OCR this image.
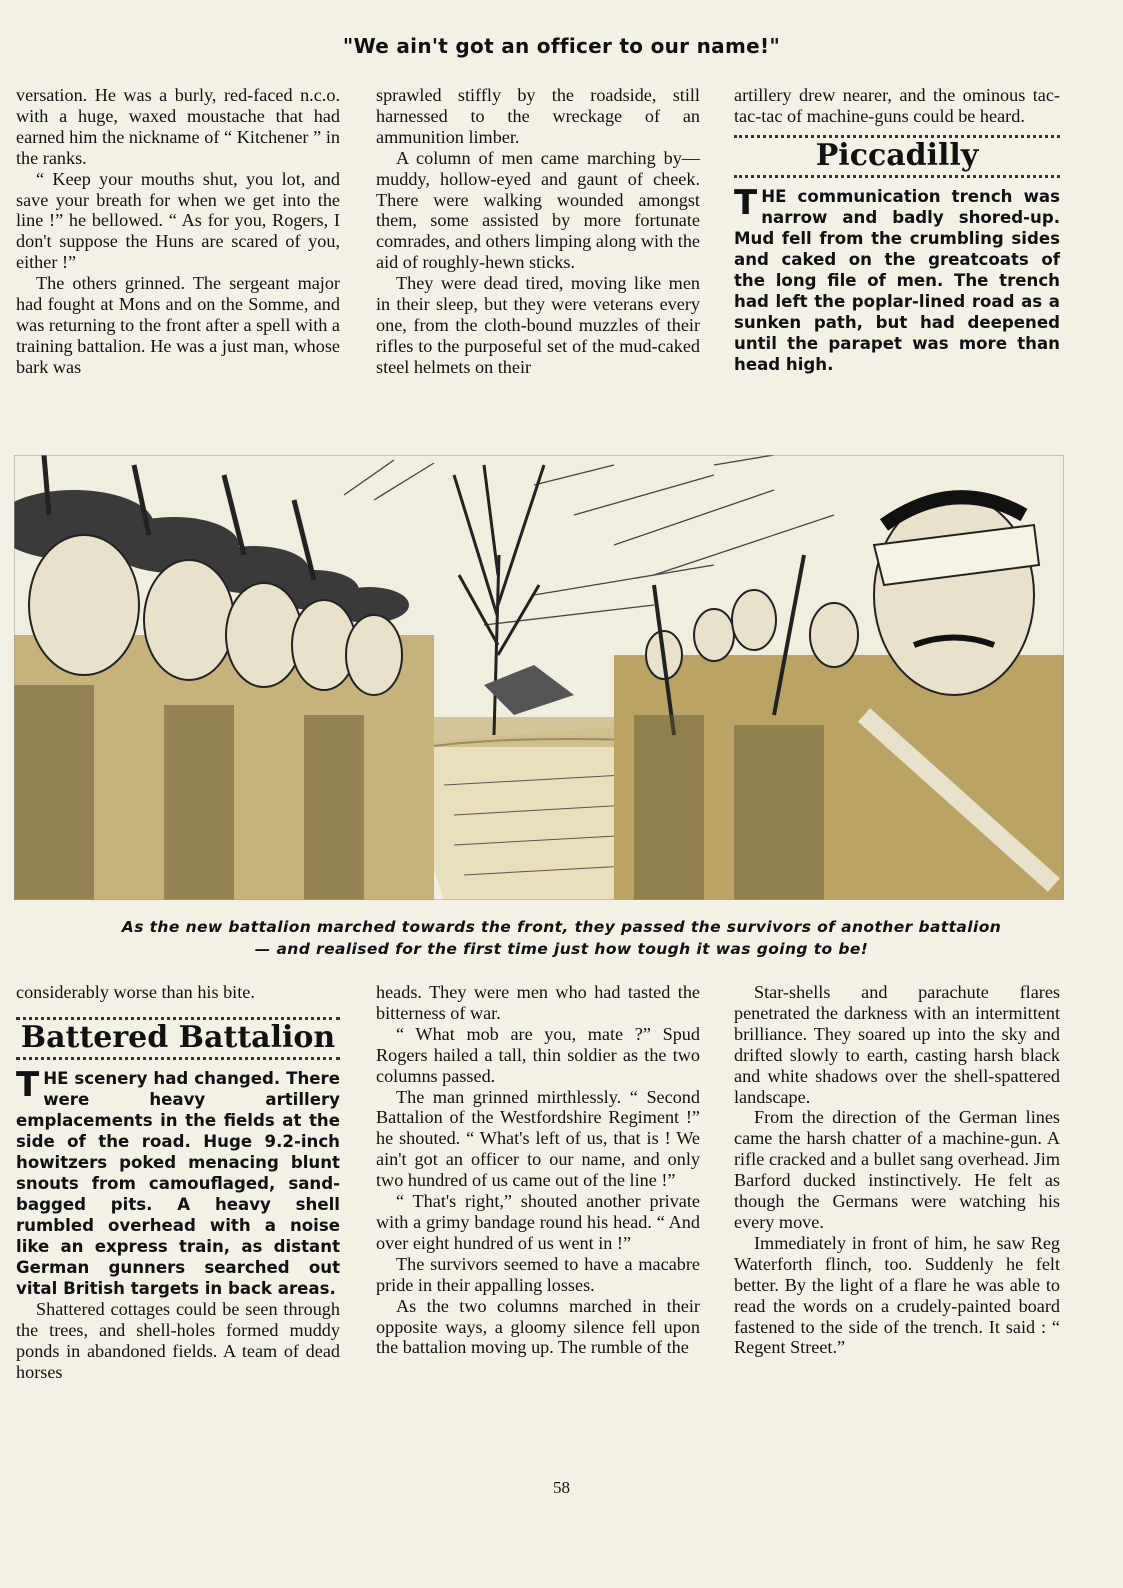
"We ain't got an officer to our name!"

versation. He was a burly, red-faced n.c.o. with a huge, waxed moustache that had earned him the nickname of “ Kitchener ” in the ranks.

“ Keep your mouths shut, you lot, and save your breath for when we get into the line !” he bellowed. “ As for you, Rogers, I don't suppose the Huns are scared of you, either !”

The others grinned. The sergeant major had fought at Mons and on the Somme, and was returning to the front after a spell with a training battalion. He was a just man, whose bark was

sprawled stiffly by the roadside, still harnessed to the wreckage of an ammunition limber.

A column of men came marching by—muddy, hollow-eyed and gaunt of cheek. There were walking wounded amongst them, some assisted by more fortunate comrades, and others limping along with the aid of roughly-hewn sticks.

They were dead tired, moving like men in their sleep, but they were veterans every one, from the cloth-bound muzzles of their rifles to the purposeful set of the mud-caked steel helmets on their

artillery drew nearer, and the ominous tac-tac-tac of machine-guns could be heard.

Piccadilly

THE communication trench was narrow and badly shored-up. Mud fell from the crumbling sides and caked on the greatcoats of the long file of men. The trench had left the poplar-lined road as a sunken path, but had deepened until the parapet was more than head high.

As the new battalion marched towards the front, they passed the survivors of another battalion
— and realised for the first time just how tough it was going to be!

considerably worse than his bite.

Battered Battalion

THE scenery had changed. There were heavy artillery emplacements in the fields at the side of the road. Huge 9.2-inch howitzers poked menacing blunt snouts from camouflaged, sand-bagged pits. A heavy shell rumbled overhead with a noise like an express train, as distant German gunners searched out vital British targets in back areas.

Shattered cottages could be seen through the trees, and shell-holes formed muddy ponds in abandoned fields. A team of dead horses

heads. They were men who had tasted the bitterness of war.

“ What mob are you, mate ?” Spud Rogers hailed a tall, thin soldier as the two columns passed.

The man grinned mirthlessly. “ Second Battalion of the Westfordshire Regiment !” he shouted. “ What's left of us, that is ! We ain't got an officer to our name, and only two hundred of us came out of the line !”

“ That's right,” shouted another private with a grimy bandage round his head. “ And over eight hundred of us went in !”

The survivors seemed to have a macabre pride in their appalling losses.

As the two columns marched in their opposite ways, a gloomy silence fell upon the battalion moving up. The rumble of the

Star-shells and parachute flares penetrated the darkness with an intermittent brilliance. They soared up into the sky and drifted slowly to earth, casting harsh black and white shadows over the shell-spattered landscape.

From the direction of the German lines came the harsh chatter of a machine-gun. A rifle cracked and a bullet sang overhead. Jim Barford ducked instinctively. He felt as though the Germans were watching his every move.

Immediately in front of him, he saw Reg Waterforth flinch, too. Suddenly he felt better. By the light of a flare he was able to read the words on a crudely-painted board fastened to the side of the trench. It said : “ Regent Street.”

58
